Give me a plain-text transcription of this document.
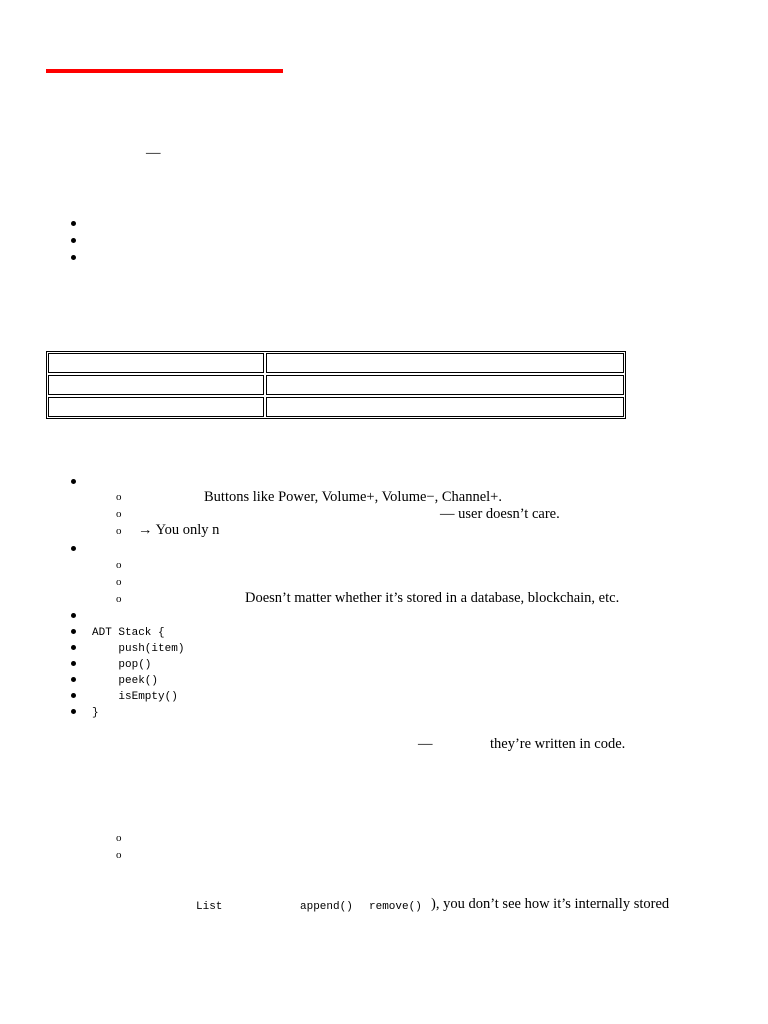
—
o	Buttons like Power, Volume+, Volume−, Channel+.
o	— user doesn’t care.
o → You only n
o
o
o	Doesn’t matter whether it’s stored in a database, blockchain, etc.
ADT Stack {
push(item)
pop()
peek()
isEmpty()
}
—	they’re written in code.
o
o
List	append() remove() ), you don’t see how it’s internally stored
